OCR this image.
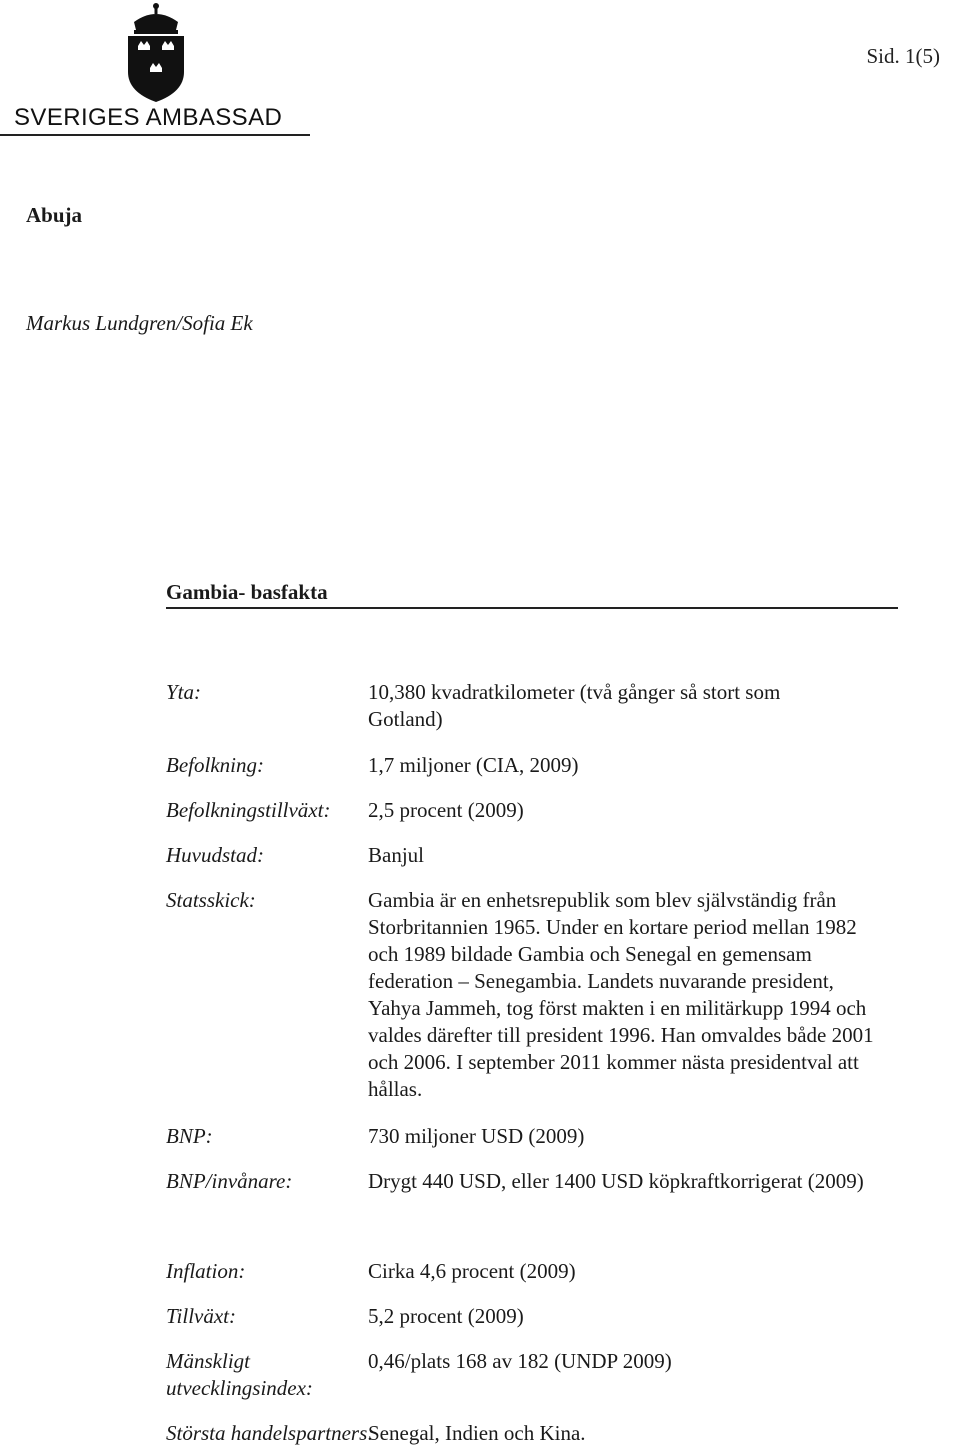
SVERIGES AMBASSAD
Sid. 1(5)
Abuja
Markus Lundgren/Sofia Ek
Gambia- basfakta
Yta:	10,380 kvadratkilometer (två gånger så stort som Gotland)
Befolkning:	1,7 miljoner (CIA, 2009)
Befolkningstillväxt: 2,5 procent (2009)
Huvudstad:	Banjul
Statsskick:	Gambia är en enhetsrepublik som blev självständig från Storbritannien 1965. Under en kortare period mellan 1982 och 1989 bildade Gambia och Senegal en gemensam federation – Senegambia. Landets nuvarande president, Yahya Jammeh, tog först makten i en militärkupp 1994 och valdes därefter till president 1996. Han omvaldes både 2001 och 2006. I september 2011 kommer nästa presidentval att hållas.
BNP:	730 miljoner USD (2009)
BNP/invånare:	Drygt 440 USD, eller 1400 USD köpkraftkorrigerat (2009)
Inflation:	Cirka 4,6 procent (2009)
Tillväxt:	5,2 procent (2009)
Mänskligt utvecklingsindex:
0,46/plats 168 av 182 (UNDP 2009)
Största handelspartners:
Senegal, Indien och Kina.
